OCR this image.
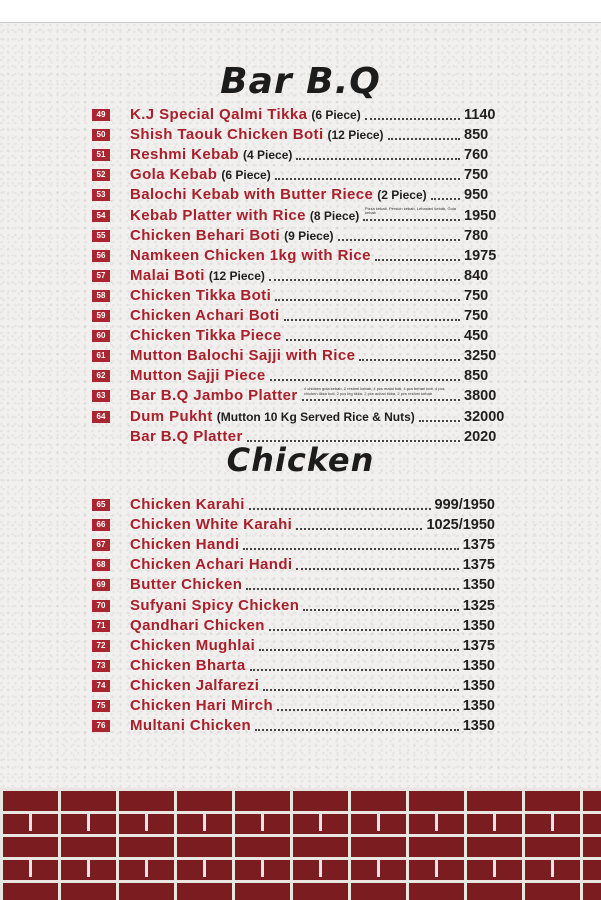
Bar B.Q
49	K.J Special Qalmi Tikka (6 Piece)	1140
50	Shish Taouk Chicken Boti (12 Piece)	850
51	Reshmi Kebab (4 Piece)	760
52	Gola Kebab (6 Piece)	750
53	Balochi Kebab with Butter Riece (2 Piece)	950
54	Kebab Platter with Rice (8 Piece)	1950
Pizza kebab, Persion kebab, Lebanani kebab, Gola kebab
55	Chicken Behari Boti (9 Piece)	780
56	Namkeen Chicken 1kg with Rice	1975
57	Malai Boti (12 Piece)	840
58	Chicken Tikka Boti	750
59	Chicken Achari Boti	750
60	Chicken Tikka Piece	450
61	Mutton Balochi Sajji with Rice	3250
62	Mutton Sajji Piece	850
63	Bar B.Q Jambo Platter	3800
4 chicken gola kebab, 2 reshmi kebab, 4 pcs malai boti, 4 pcs behari boti, 4 pcs chicken tikka boti, 2 pcs leg tikka, 2 pcs achari tikka, 2 pcs reshmi kebab
64	Dum Pukht (Mutton 10 Kg Served Rice & Nuts)	32000
Bar B.Q Platter	2020
Chicken
65	Chicken Karahi	999/1950
66	Chicken White Karahi	1025/1950
67	Chicken Handi	1375
68	Chicken Achari Handi	1375
69	Butter Chicken	1350
70	Sufyani Spicy Chicken	1325
71	Qandhari Chicken	1350
72	Chicken Mughlai	1375
73	Chicken Bharta	1350
74	Chicken Jalfarezi	1350
75	Chicken Hari Mirch	1350
76	Multani Chicken	1350
